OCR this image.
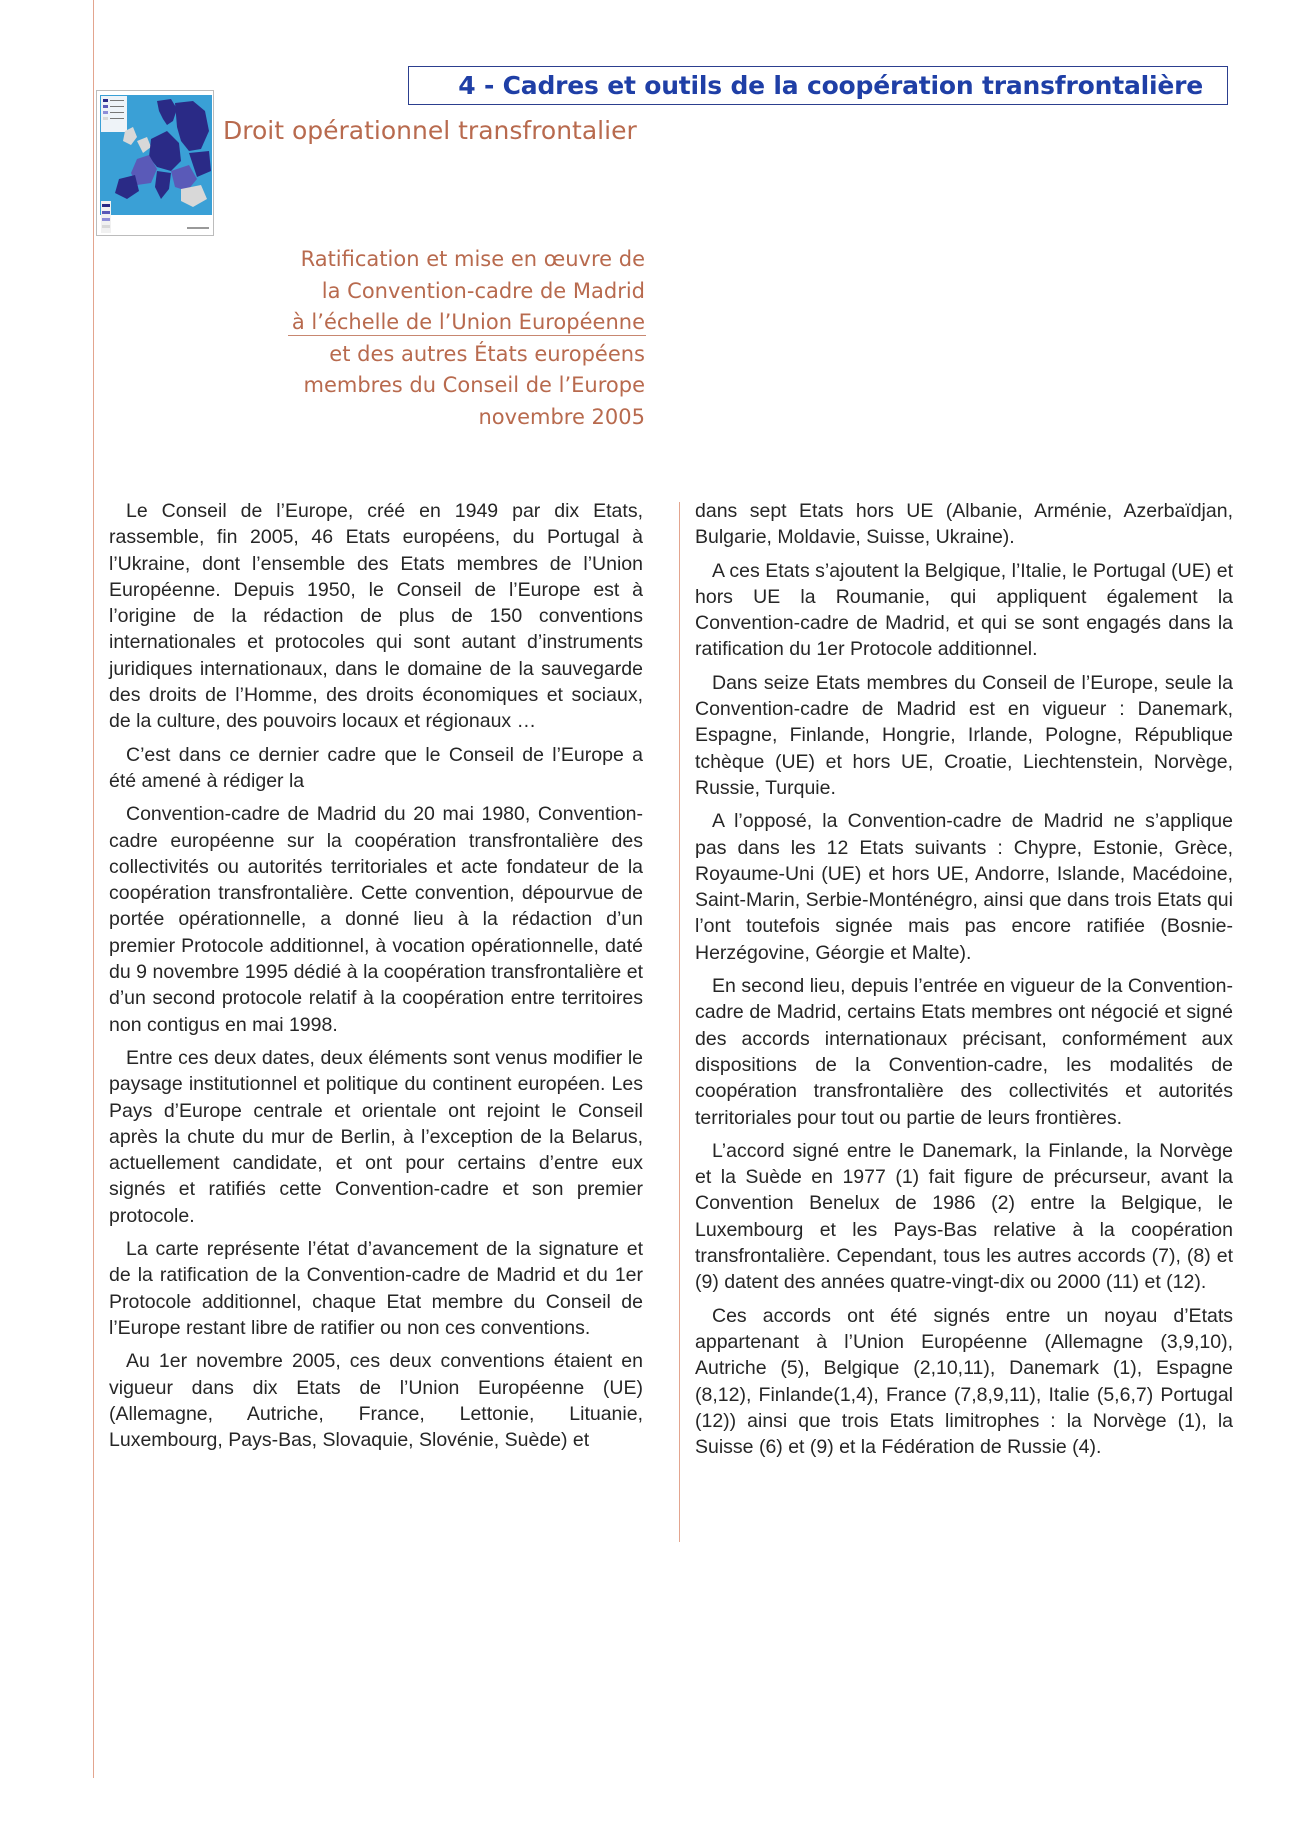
4 - Cadres et outils de la coopération transfrontalière
Droit opérationnel transfrontalier
Ratification et mise en œuvre de
la Convention-cadre de Madrid
à l’échelle de l’Union Européenne
et des autres États européens
membres du Conseil de l’Europe
novembre 2005

Le Conseil de l’Europe, créé en 1949 par dix Etats, rassemble, fin 2005, 46 Etats européens, du Portugal à l’Ukraine, dont l’ensemble des Etats membres de l’Union Européenne. Depuis 1950, le Conseil de l’Europe est à l’origine de la rédaction de plus de 150 conventions internationales et protocoles qui sont autant d’instruments juridiques internationaux, dans le domaine de la sauvegarde des droits de l’Homme, des droits économiques et sociaux, de la culture, des pouvoirs locaux et régionaux …

C’est dans ce dernier cadre que le Conseil de l’Europe a été amené à rédiger la

Convention-cadre de Madrid du 20 mai 1980, Convention-cadre européenne sur la coopération transfrontalière des collectivités ou autorités territoriales et acte fondateur de la coopération transfrontalière. Cette convention, dépourvue de portée opérationnelle, a donné lieu à la rédaction d’un premier Protocole additionnel, à vocation opérationnelle, daté du 9 novembre 1995 dédié à la coopération transfrontalière et d’un second protocole relatif à la coopération entre territoires non contigus en mai 1998.

Entre ces deux dates, deux éléments sont venus modifier le paysage institutionnel et politique du continent européen. Les Pays d’Europe centrale et orientale ont rejoint le Conseil après la chute du mur de Berlin, à l’exception de la Belarus, actuellement candidate, et ont pour certains d’entre eux signés et ratifiés cette Convention-cadre et son premier protocole.

La carte représente l’état d’avancement de la signature et de la ratification de la Convention-cadre de Madrid et du 1er Protocole additionnel, chaque Etat membre du Conseil de l’Europe restant libre de ratifier ou non ces conventions.

Au 1er novembre 2005, ces deux conventions étaient en vigueur dans dix Etats de l’Union Européenne (UE) (Allemagne, Autriche, France, Lettonie, Lituanie, Luxembourg, Pays-Bas, Slovaquie, Slovénie, Suède) et

dans sept Etats hors UE (Albanie, Arménie, Azerbaïdjan, Bulgarie, Moldavie, Suisse, Ukraine).

A ces Etats s’ajoutent la Belgique, l’Italie, le Portugal (UE) et hors UE la Roumanie, qui appliquent également la Convention-cadre de Madrid, et qui se sont engagés dans la ratification du 1er Protocole additionnel.

Dans seize Etats membres du Conseil de l’Europe, seule la Convention-cadre de Madrid est en vigueur : Danemark, Espagne, Finlande, Hongrie, Irlande, Pologne, République tchèque (UE) et hors UE, Croatie, Liechtenstein, Norvège, Russie, Turquie.

A l’opposé, la Convention-cadre de Madrid ne s’applique pas dans les 12 Etats suivants : Chypre, Estonie, Grèce, Royaume-Uni (UE) et hors UE, Andorre, Islande, Macédoine, Saint-Marin, Serbie-Monténégro, ainsi que dans trois Etats qui l’ont toutefois signée mais pas encore ratifiée (Bosnie-Herzégovine, Géorgie et Malte).

En second lieu, depuis l’entrée en vigueur de la Convention-cadre de Madrid, certains Etats membres ont négocié et signé des accords internationaux précisant, conformément aux dispositions de la Convention-cadre, les modalités de coopération transfrontalière des collectivités et autorités territoriales pour tout ou partie de leurs frontières.

L’accord signé entre le Danemark, la Finlande, la Norvège et la Suède en 1977 (1) fait figure de précurseur, avant la Convention Benelux de 1986 (2) entre la Belgique, le Luxembourg et les Pays-Bas relative à la coopération transfrontalière. Cependant, tous les autres accords (7), (8) et (9) datent des années quatre-vingt-dix ou 2000 (11) et (12).

Ces accords ont été signés entre un noyau d’Etats appartenant à l’Union Européenne (Allemagne (3,9,10), Autriche (5), Belgique (2,10,11), Danemark (1), Espagne (8,12), Finlande(1,4), France (7,8,9,11), Italie (5,6,7) Portugal (12)) ainsi que trois Etats limitrophes : la Norvège (1), la Suisse (6) et (9) et la Fédération de Russie (4).
